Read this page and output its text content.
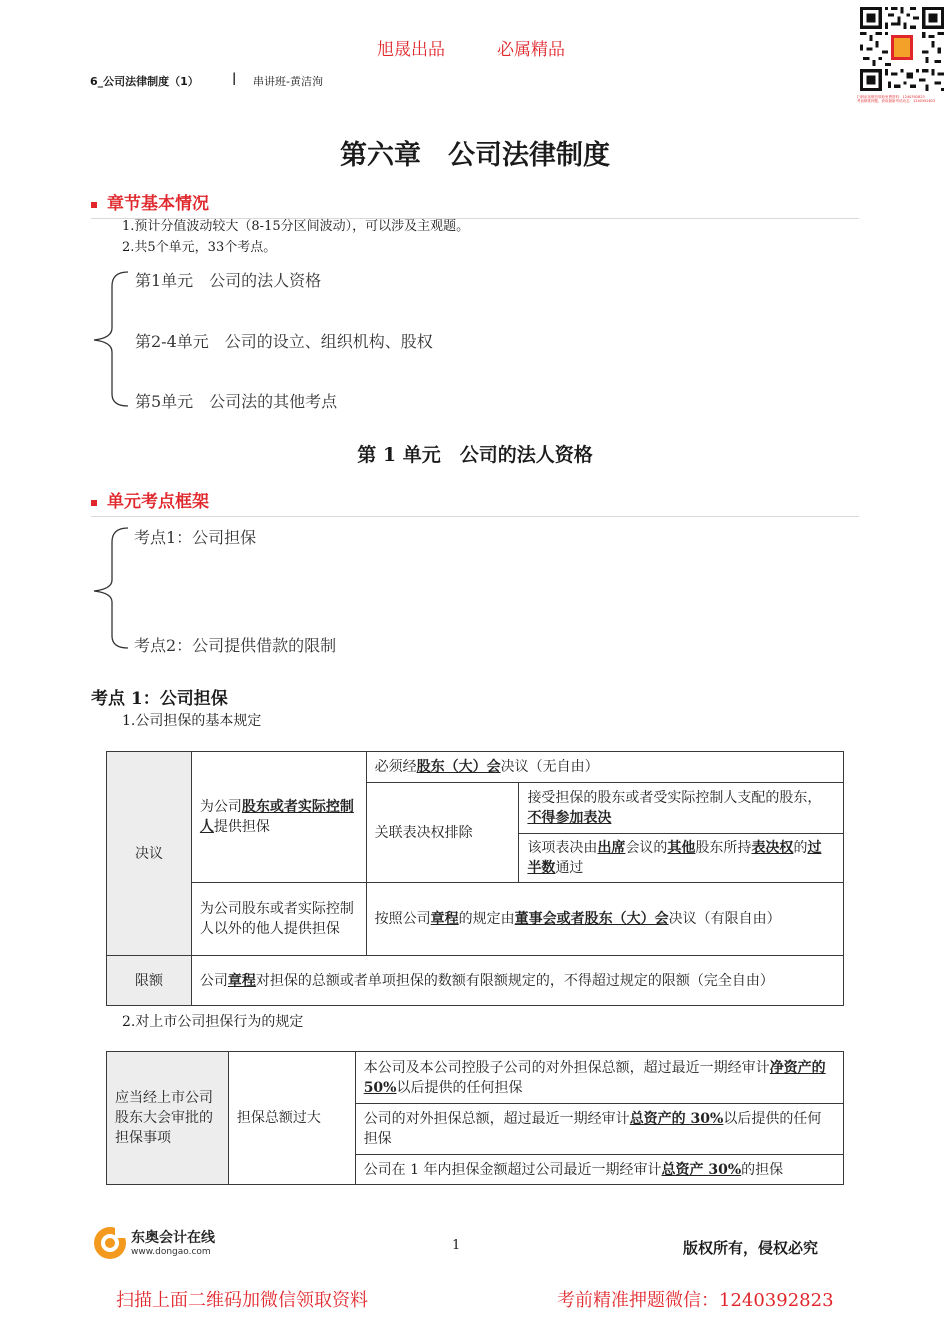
旭晟出品	必属精品
6_公司法律制度（1）	| 串讲班-黄洁洵
扫码添加微信领取免费资料：1240392823
考前精准押题，获取最新考试动态：1240392823
第六章　公司法律制度
章节基本情况
1.预计分值波动较大（8-15分区间波动），可以涉及主观题。
2.共5个单元，33个考点。
第1单元　公司的法人资格
第2-4单元　公司的设立、组织机构、股权
第5单元　公司法的其他考点
第 1 单元　公司的法人资格
单元考点框架
考点1：公司担保
考点2：公司提供借款的限制
考点 1：公司担保
1.公司担保的基本规定
决议	为公司股东或者实际控制人提供担保	必须经股东（大）会决议（无自由）	
		关联表决权排除	接受担保的股东或者受实际控制人支配的股东，不得参加表决
			该项表决由出席会议的其他股东所持表决权的过半数通过
	为公司股东或者实际控制人以外的他人提供担保	按照公司章程的规定由董事会或者股东（大）会决议（有限自由）	
限额	公司章程对担保的总额或者单项担保的数额有限额规定的，不得超过规定的限额（完全自由）		
2.对上市公司担保行为的规定
应当经上市公司股东大会审批的担保事项	担保总额过大	本公司及本公司控股子公司的对外担保总额，超过最近一期经审计净资产的 50%以后提供的任何担保
公司的对外担保总额，超过最近一期经审计总资产的 30%以后提供的任何担保
公司在 1 年内担保金额超过公司最近一期经审计总资产 30%的担保
东奥会计在线
www.dongao.com	1	版权所有，侵权必究
扫描上面二维码加微信领取资料	考前精准押题微信：1240392823
